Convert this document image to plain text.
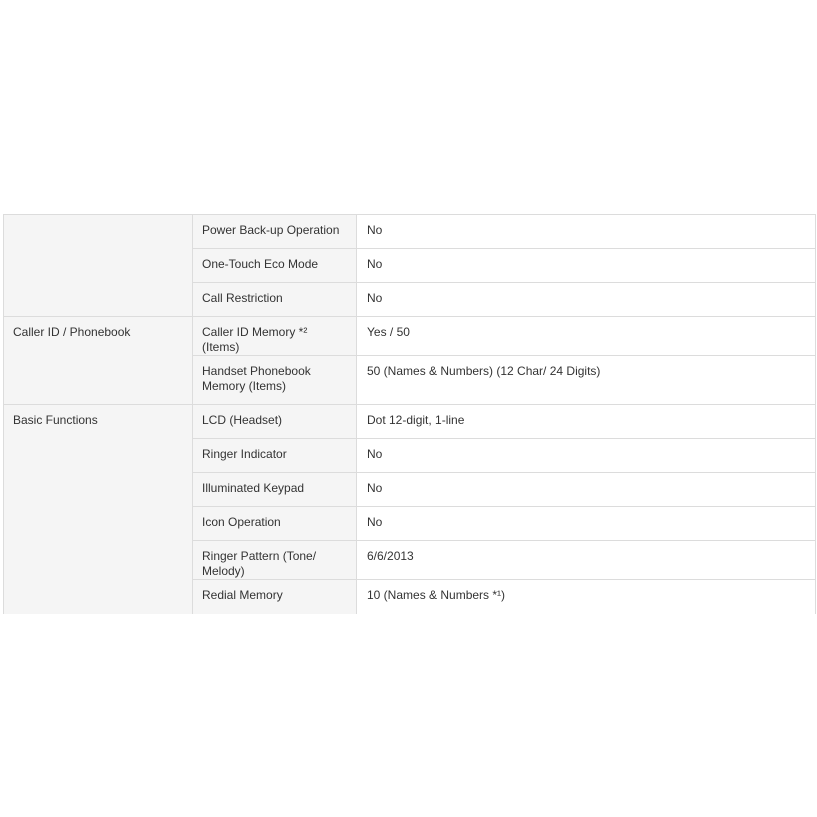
	Power Back-up Operation	No
	One-Touch Eco Mode	No
	Call Restriction	No
Caller ID / Phonebook	Caller ID Memory *² (Items)	Yes / 50
	Handset Phonebook Memory (Items)	50 (Names & Numbers) (12 Char/ 24 Digits)
Basic Functions	LCD (Headset)	Dot 12-digit, 1-line
	Ringer Indicator	No
	Illuminated Keypad	No
	Icon Operation	No
	Ringer Pattern (Tone/ Melody)	6/6/2013
	Redial Memory	10 (Names & Numbers *¹)
